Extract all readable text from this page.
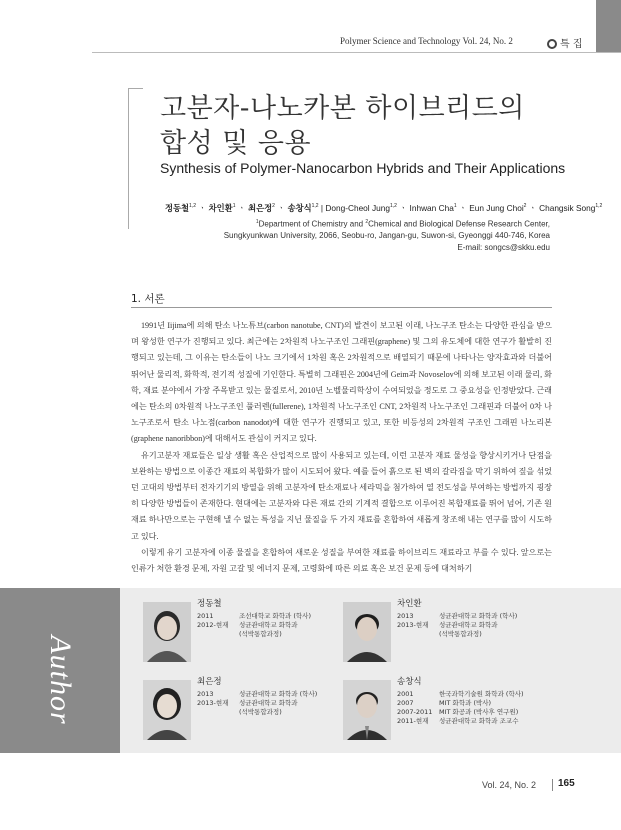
Polymer Science and Technology Vol. 24, No. 2	특 집
고분자-나노카본 하이브리드의
합성 및 응용
Synthesis of Polymer-Nanocarbon Hybrids and Their Applications
정동철$^{1,2}$ ㆍ 차인환$^1$ ㆍ 최은정$^2$ ㆍ 송창식$^{1,2}$ | Dong-Cheol Jung$^{1,2}$ ㆍ Inhwan Cha$^1$ ㆍ Eun Jung Choi$^2$ ㆍ Changsik Song$^{1,2}$
$^1$Department of Chemistry and $^2$Chemical and Biological Defense Research Center,
Sungkyunkwan University, 2066, Seobu-ro, Jangan-gu, Suwon-si, Gyeonggi 440-746, Korea
E-mail: songcs@skku.edu
1. 서론

1991년 Iijima에 의해 탄소 나노튜브(carbon nanotube, CNT)의 발견이 보고된 이래, 나노구조 탄소는 다양한 관심을 받으며 왕성한 연구가 진행되고 있다. 최근에는 2차원적 나노구조인 그래핀(graphene) 및 그의 유도체에 대한 연구가 활발히 진행되고 있는데, 그 이유는 탄소들이 나노 크기에서 1차원 혹은 2차원적으로 배열되기 때문에 나타나는 양자효과와 더불어 뛰어난 물리적, 화학적, 전기적 성질에 기인한다. 특별히 그래핀은 2004년에 Geim과 Novoselov에 의해 보고된 이래 물리, 화학, 재료 분야에서 가장 주목받고 있는 물질로서, 2010년 노벨물리학상이 수여되었을 정도로 그 중요성을 인정받았다. 근래에는 탄소의 0차원적 나노구조인 풀러렌(fullerene), 1차원적 나노구조인 CNT, 2차원적 나노구조인 그래핀과 더불어 0차 나노구조로서 탄소 나노점(carbon nanodot)에 대한 연구가 진행되고 있고, 또한 비등성의 2차원적 구조인 그래핀 나노리본(graphene nanoribbon)에 대해서도 관심이 커지고 있다.

유기고분자 재료들은 일상 생활 혹은 산업적으로 많이 사용되고 있는데, 이런 고분자 재료 물성을 향상시키거나 단점을 보완하는 방법으로 이종간 재료의 복합화가 많이 시도되어 왔다. 예를 들어 흙으로 된 벽의 갈라짐을 막기 위하여 짚을 섞었던 고대의 방법부터 전자기기의 방열을 위해 고분자에 탄소재료나 세라믹을 첨가하여 열 전도성을 부여하는 방법까지 굉장히 다양한 방법들이 존재한다. 현대에는 고분자와 다른 재료 간의 기계적 결합으로 이루어진 복합재료를 뛰어 넘어, 기존 원재료 하나만으로는 구현해 낼 수 없는 특성을 지닌 물질을 두 가지 재료를 혼합하여 새롭게 창조해 내는 연구를 많이 시도하고 있다.

이렇게 유기 고분자에 이종 물질을 혼합하여 새로운 성질을 부여한 재료를 하이브리드 재료라고 부를 수 있다. 앞으로는 인류가 처한 환경 문제, 자원 고갈 및 에너지 문제, 고령화에 따른 의료 혹은 보건 문제 등에 대처하기

Author
정동철
2011	조선대학교 화학과 (학사)
2012-현재	성균관대학교 화학과
(석박통합과정)
차인환
2013	성균관대학교 화학과 (학사)
2013-현재	성균관대학교 화학과
(석박통합과정)
최은정
2013	성균관대학교 화학과 (학사)
2013-현재	성균관대학교 화학과
(석박통합과정)
송창식
2001	한국과학기술원 화학과 (학사)
2007	MIT 화학과 (박사)
2007-2011	MIT 화공과 (박사후 연구원)
2011-현재	성균관대학교 화학과 조교수
Vol. 24, No. 2 165
